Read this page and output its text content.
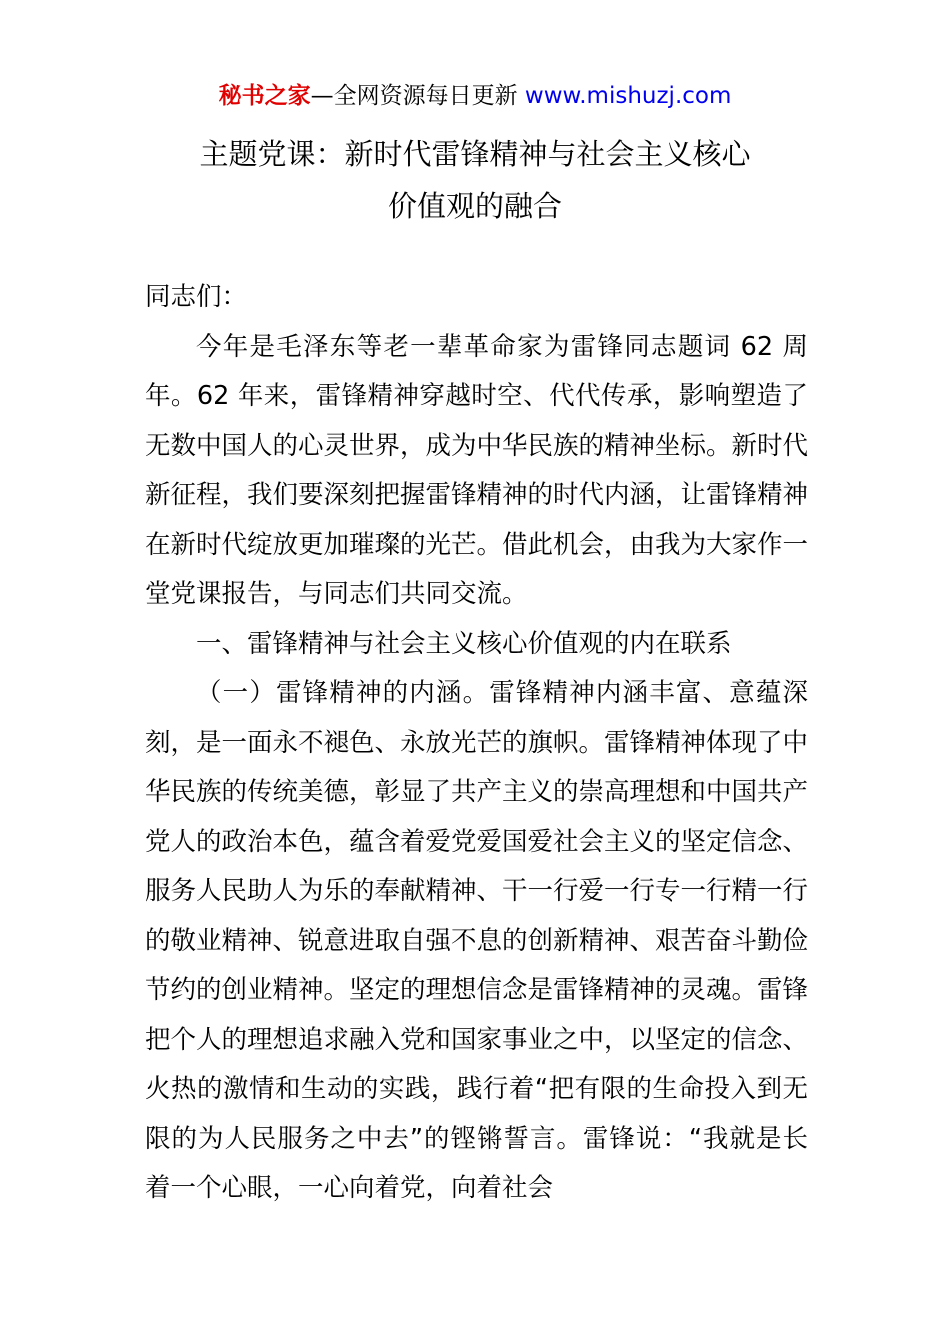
秘书之家—全网资源每日更新 www.mishuzj.com
主题党课：新时代雷锋精神与社会主义核心
价值观的融合

同志们：

今年是毛泽东等老一辈革命家为雷锋同志题词 62 周年。62 年来，雷锋精神穿越时空、代代传承，影响塑造了无数中国人的心灵世界，成为中华民族的精神坐标。新时代新征程，我们要深刻把握雷锋精神的时代内涵，让雷锋精神在新时代绽放更加璀璨的光芒。借此机会，由我为大家作一堂党课报告，与同志们共同交流。

一、雷锋精神与社会主义核心价值观的内在联系

（一）雷锋精神的内涵。雷锋精神内涵丰富、意蕴深刻，是一面永不褪色、永放光芒的旗帜。雷锋精神体现了中华民族的传统美德，彰显了共产主义的崇高理想和中国共产党人的政治本色，蕴含着爱党爱国爱社会主义的坚定信念、服务人民助人为乐的奉献精神、干一行爱一行专一行精一行的敬业精神、锐意进取自强不息的创新精神、艰苦奋斗勤俭节约的创业精神。坚定的理想信念是雷锋精神的灵魂。雷锋把个人的理想追求融入党和国家事业之中，以坚定的信念、火热的激情和生动的实践，践行着“把有限的生命投入到无限的为人民服务之中去”的铿锵誓言。雷锋说：“我就是长着一个心眼，一心向着党，向着社会
